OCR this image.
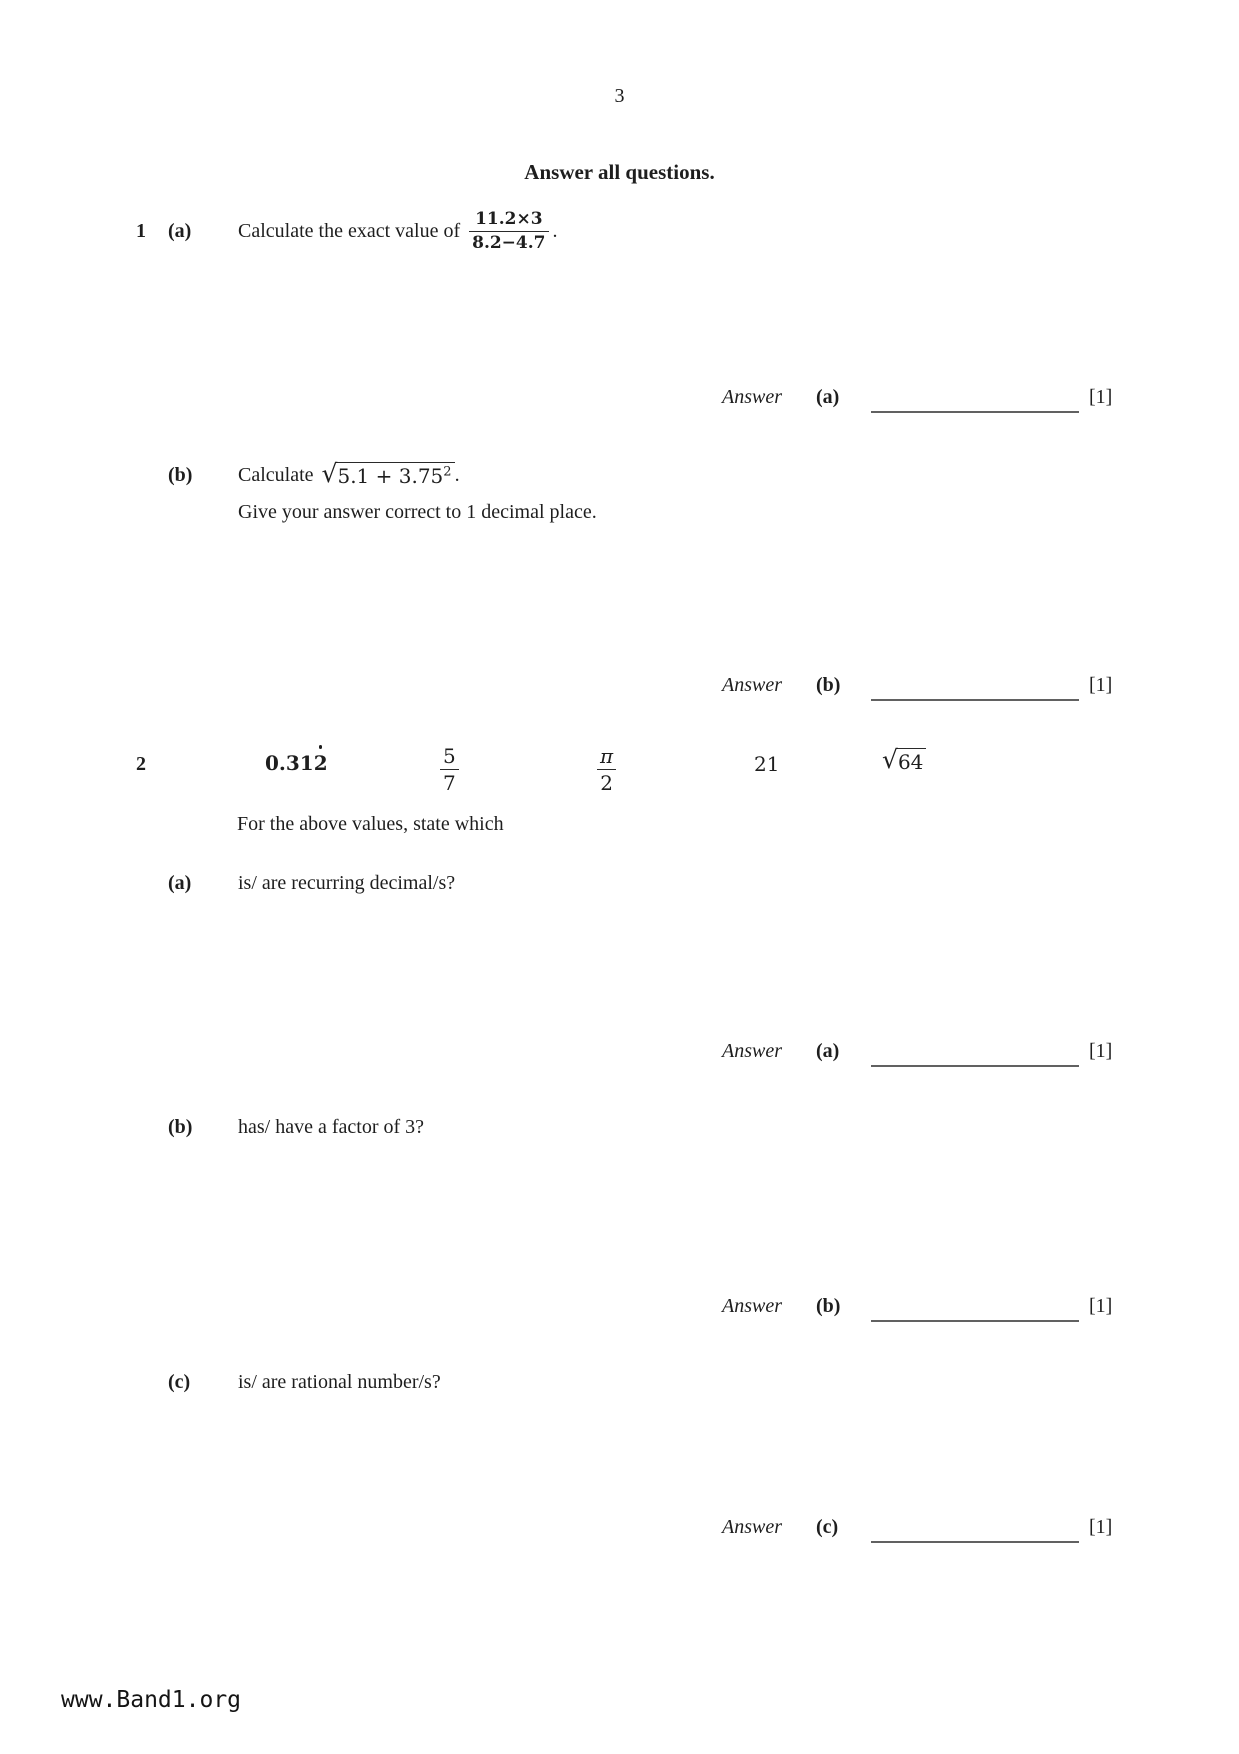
3
Answer all questions.
1	(a)	Calculate the exact value of $\frac{11.2\times 3}{8.2-4.7}$ .
Answer (a)	[1]
(b) Calculate √ $5.1 + 3.75^2$ .
Give your answer correct to 1 decimal place.
Answer (b)	[1]
2	0.312	$\frac{5}{7}$	$\frac{\pi}{2}$	21	√ 64
For the above values, state which
(a) is/ are recurring decimal/s?
Answer (a)	[1]
(b) has/ have a factor of 3?
Answer (b)	[1]
(c) is/ are rational number/s?
Answer (c)	[1]
www.Band1.org
